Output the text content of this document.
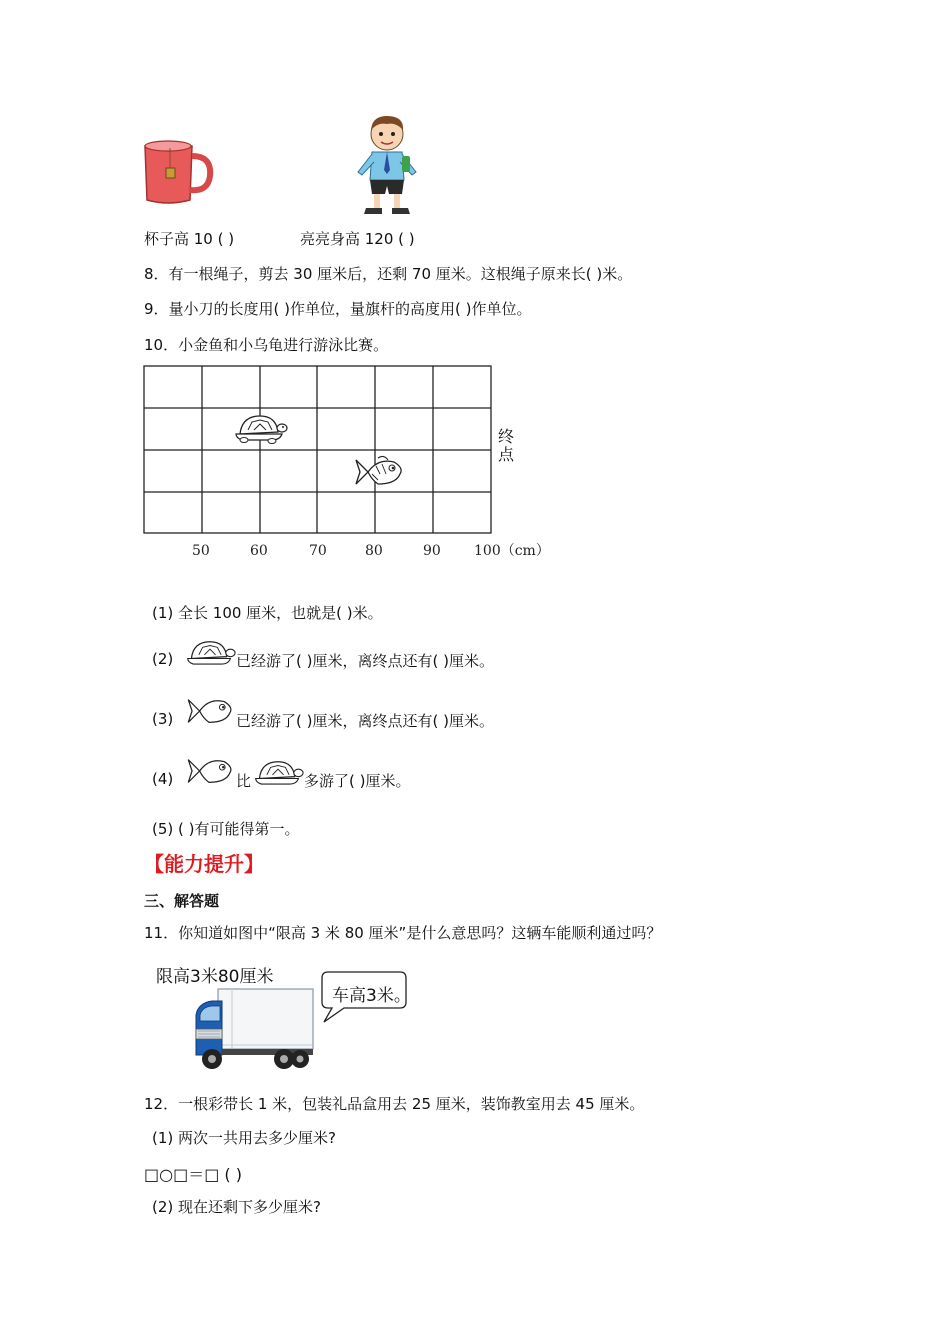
杯子高 10 ( )	亮亮身高 120 ( )
8．有一根绳子，剪去 30 厘米后，还剩 70 厘米。这根绳子原来长( )米。
9．量小刀的长度用( )作单位，量旗杆的高度用( )作单位。
10．小金鱼和小乌龟进行游泳比赛。
终
点
50	60	70	80	90 100（cm）
(1) 全长 100 厘米，也就是( )米。
(2)	已经游了( )厘米，离终点还有( )厘米。
(3)	已经游了( )厘米，离终点还有( )厘米。
(4)	比	多游了( )厘米。
(5) ( )有可能得第一。
【能力提升】
三、解答题
11．你知道如图中“限高 3 米 80 厘米”是什么意思吗？这辆车能顺利通过吗？
限高3米80厘米
车高3米。
12．一根彩带长 1 米，包装礼品盒用去 25 厘米，装饰教室用去 45 厘米。
(1) 两次一共用去多少厘米?
□○□＝□ ( )
(2) 现在还剩下多少厘米?
